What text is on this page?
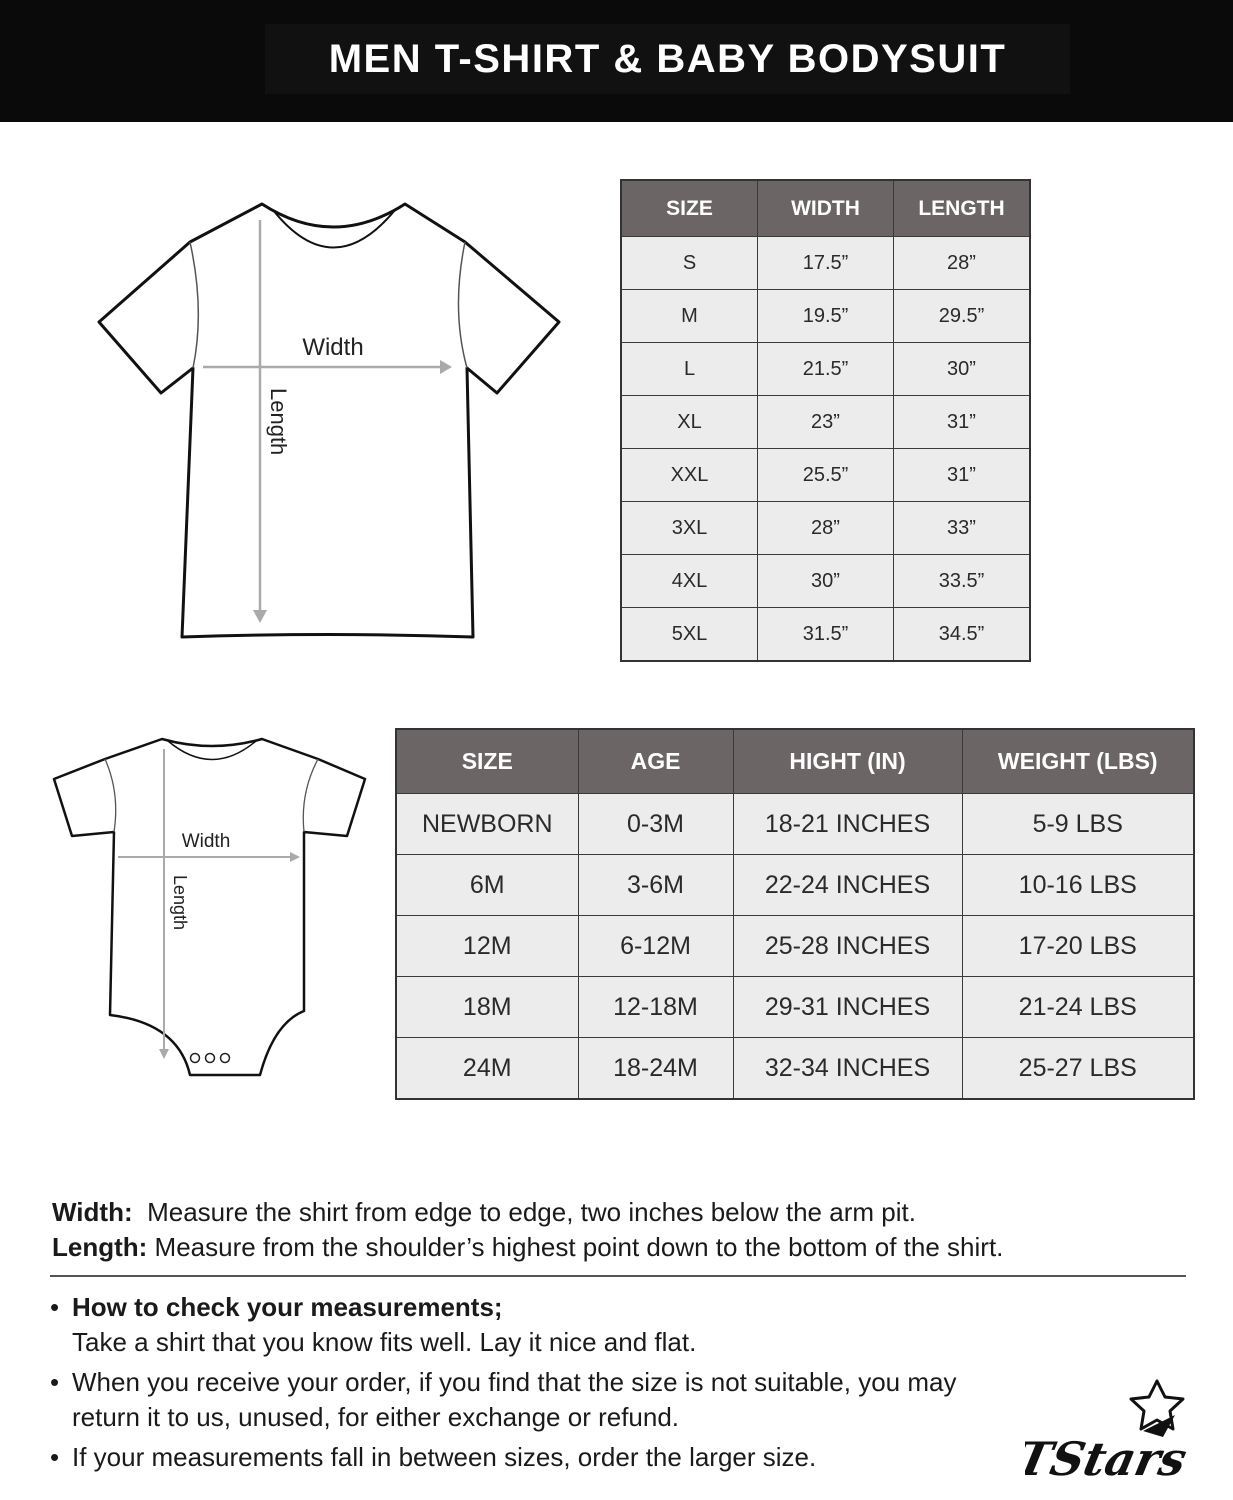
MEN T-SHIRT & BABY BODYSUIT
Width
Length
SIZE	WIDTH	LENGTH
S	17.5”	28”
M	19.5”	29.5”
L	21.5”	30”
XL	23”	31”
XXL	25.5”	31”
3XL	28”	33”
4XL	30”	33.5”
5XL	31.5”	34.5”
Width
Length
SIZE	AGE	HIGHT (IN)	WEIGHT (LBS)
NEWBORN	0-3M	18-21 INCHES	5-9 LBS
6M	3-6M	22-24 INCHES	10-16 LBS
12M	6-12M	25-28 INCHES	17-20 LBS
18M	12-18M	29-31 INCHES	21-24 LBS
24M	18-24M	32-34 INCHES	25-27 LBS
Width: Measure the shirt from edge to edge, two inches below the arm pit.
Length: Measure from the shoulder’s highest point down to the bottom of the shirt.
• How to check your measurements;
Take a shirt that you know fits well. Lay it nice and flat.
• When you receive your order, if you find that the size is not suitable, you may return it to us, unused, for either exchange or refund.
• If your measurements fall in between sizes, order the larger size.	TStars
